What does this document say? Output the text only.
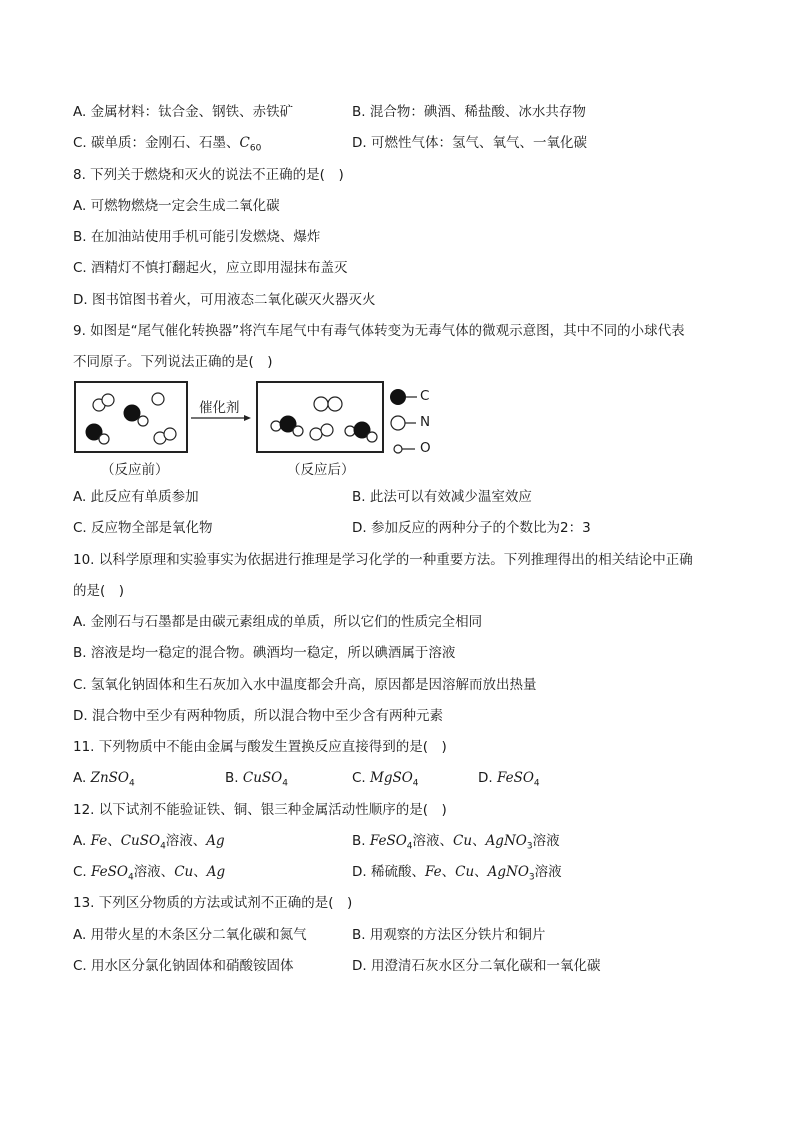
A. 金属材料：钛合金、钢铁、赤铁矿	B. 混合物：碘酒、稀盐酸、冰水共存物
C. 碳单质：金刚石、石墨、$C_{60}$	D. 可燃性气体：氢气、氧气、一氧化碳
8. 下列关于燃烧和灭火的说法不正确的是(　)
A. 可燃物燃烧一定会生成二氧化碳
B. 在加油站使用手机可能引发燃烧、爆炸
C. 酒精灯不慎打翻起火，应立即用湿抹布盖灭
D. 图书馆图书着火，可用液态二氧化碳灭火器灭火
9. 如图是“尾气催化转换器”将汽车尾气中有毒气体转变为无毒气体的微观示意图，其中不同的小球代表
不同原子。下列说法正确的是(　)
催化剂
C
N
O
（反应前）	（反应后）
A. 此反应有单质参加	B. 此法可以有效减少温室效应
C. 反应物全部是氧化物	D. 参加反应的两种分子的个数比为2：3
10. 以科学原理和实验事实为依据进行推理是学习化学的一种重要方法。下列推理得出的相关结论中正确
的是(　)
A. 金刚石与石墨都是由碳元素组成的单质，所以它们的性质完全相同
B. 溶液是均一稳定的混合物。碘酒均一稳定，所以碘酒属于溶液
C. 氢氧化钠固体和生石灰加入水中温度都会升高，原因都是因溶解而放出热量
D. 混合物中至少有两种物质，所以混合物中至少含有两种元素
11. 下列物质中不能由金属与酸发生置换反应直接得到的是(　)
A. ZnSO$_4$	B. CuSO$_4$	C. MgSO$_4$	D. FeSO$_4$
12. 以下试剂不能验证铁、铜、银三种金属活动性顺序的是(　)
A. Fe、CuSO$_4$溶液、Ag	B. FeSO$_4$溶液、Cu、AgNO$_3$溶液
C. FeSO$_4$溶液、Cu、Ag	D. 稀硫酸、Fe、Cu、AgNO$_3$溶液
13. 下列区分物质的方法或试剂不正确的是(　)
A. 用带火星的木条区分二氧化碳和氮气	B. 用观察的方法区分铁片和铜片
C. 用水区分氯化钠固体和硝酸铵固体	D. 用澄清石灰水区分二氧化碳和一氧化碳
